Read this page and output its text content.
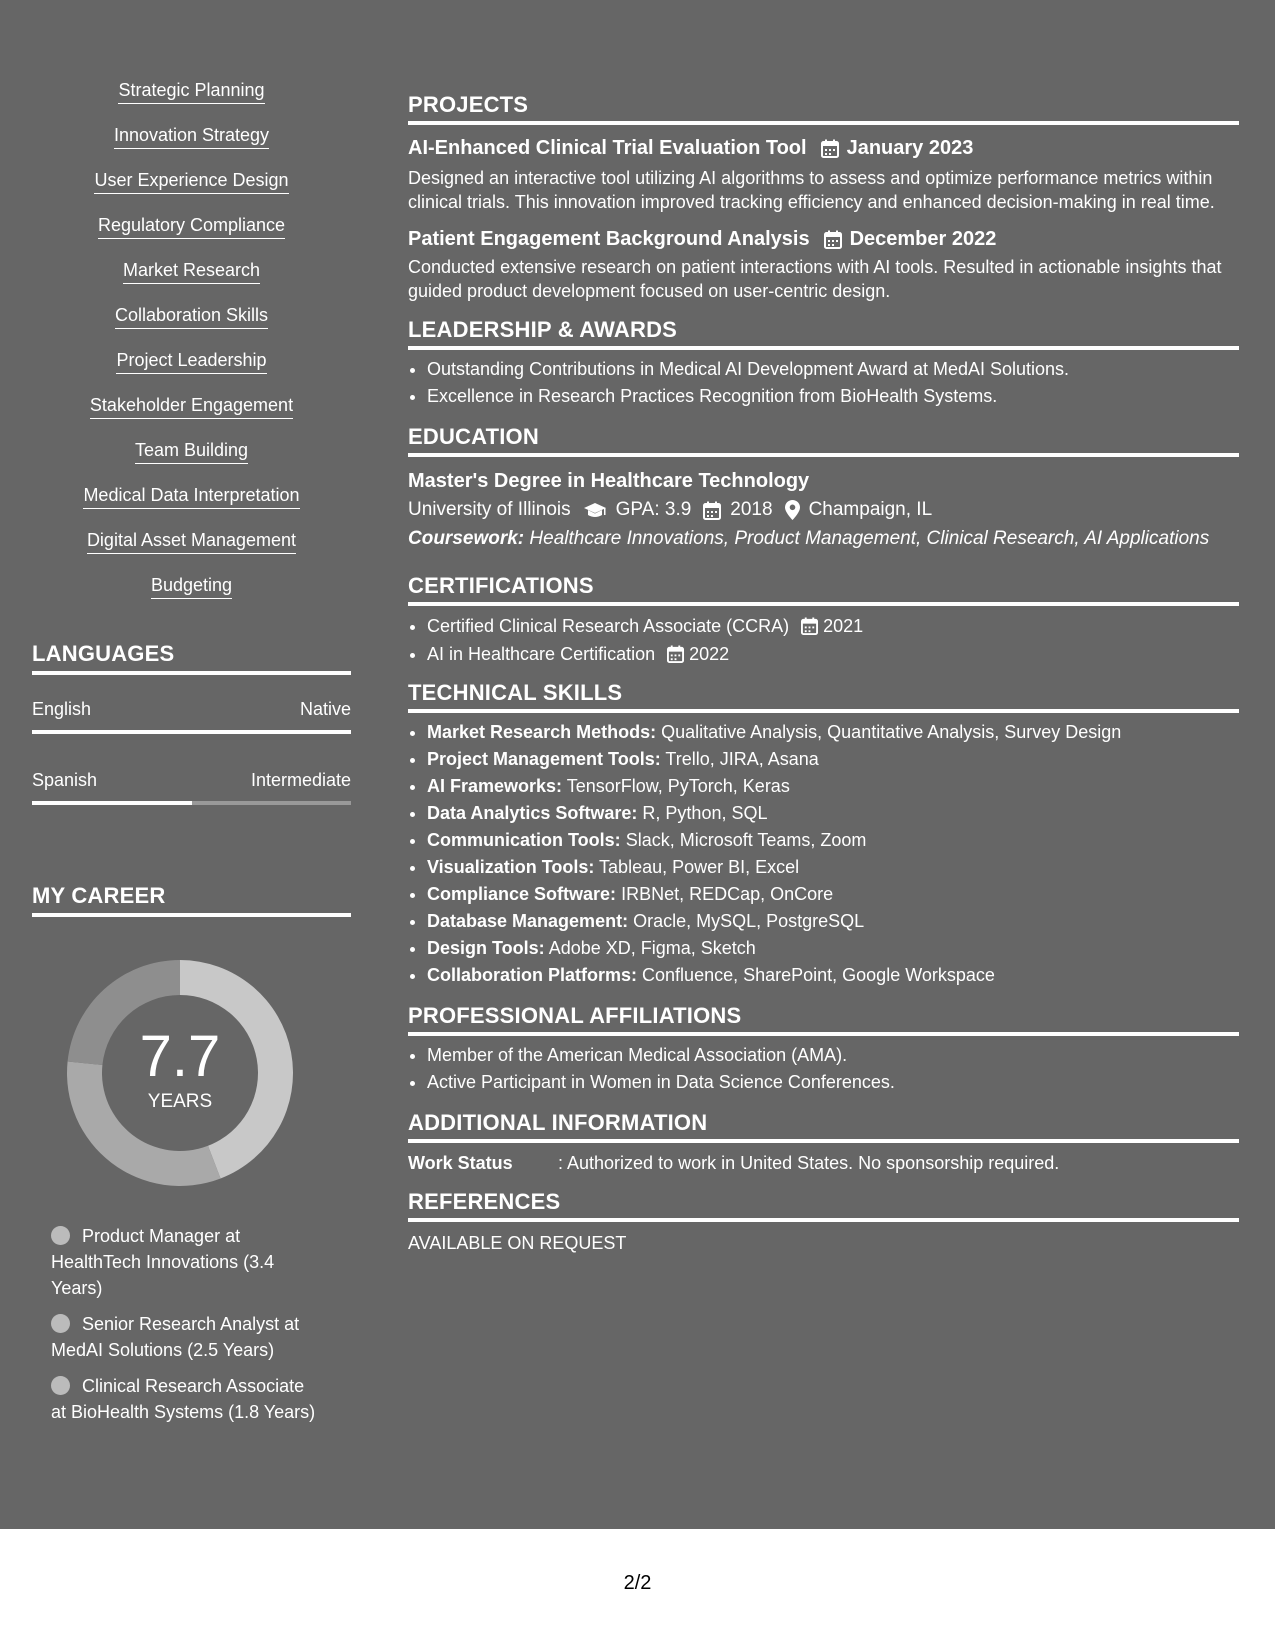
Strategic Planning
Innovation Strategy
User Experience Design
Regulatory Compliance
Market Research
Collaboration Skills
Project Leadership
Stakeholder Engagement
Team Building
Medical Data Interpretation
Digital Asset Management
Budgeting
LANGUAGES
English	Native
Spanish	Intermediate
MY CAREER
7.7
YEARS
Product Manager at HealthTech Innovations (3.4 Years)
Senior Research Analyst at MedAI Solutions (2.5 Years)
Clinical Research Associate at BioHealth Systems (1.8 Years)
PROJECTS
AI-Enhanced Clinical Trial Evaluation Tool January 2023
Designed an interactive tool utilizing AI algorithms to assess and optimize performance metrics within clinical trials. This innovation improved tracking efficiency and enhanced decision-making in real time.
Patient Engagement Background Analysis December 2022
Conducted extensive research on patient interactions with AI tools. Resulted in actionable insights that guided product development focused on user-centric design.
LEADERSHIP & AWARDS
• Outstanding Contributions in Medical AI Development Award at MedAI Solutions.
• Excellence in Research Practices Recognition from BioHealth Systems.
EDUCATION
Master's Degree in Healthcare Technology
University of Illinois GPA: 3.9 2018 Champaign, IL
Coursework: Healthcare Innovations, Product Management, Clinical Research, AI Applications
CERTIFICATIONS
• Certified Clinical Research Associate (CCRA) 2021
• AI in Healthcare Certification 2022
TECHNICAL SKILLS
• Market Research Methods: Qualitative Analysis, Quantitative Analysis, Survey Design
• Project Management Tools: Trello, JIRA, Asana
• AI Frameworks: TensorFlow, PyTorch, Keras
• Data Analytics Software: R, Python, SQL
• Communication Tools: Slack, Microsoft Teams, Zoom
• Visualization Tools: Tableau, Power BI, Excel
• Compliance Software: IRBNet, REDCap, OnCore
• Database Management: Oracle, MySQL, PostgreSQL
• Design Tools: Adobe XD, Figma, Sketch
• Collaboration Platforms: Confluence, SharePoint, Google Workspace
PROFESSIONAL AFFILIATIONS
• Member of the American Medical Association (AMA).
• Active Participant in Women in Data Science Conferences.
ADDITIONAL INFORMATION
Work Status	: Authorized to work in United States. No sponsorship required.
REFERENCES
AVAILABLE ON REQUEST
2/2
